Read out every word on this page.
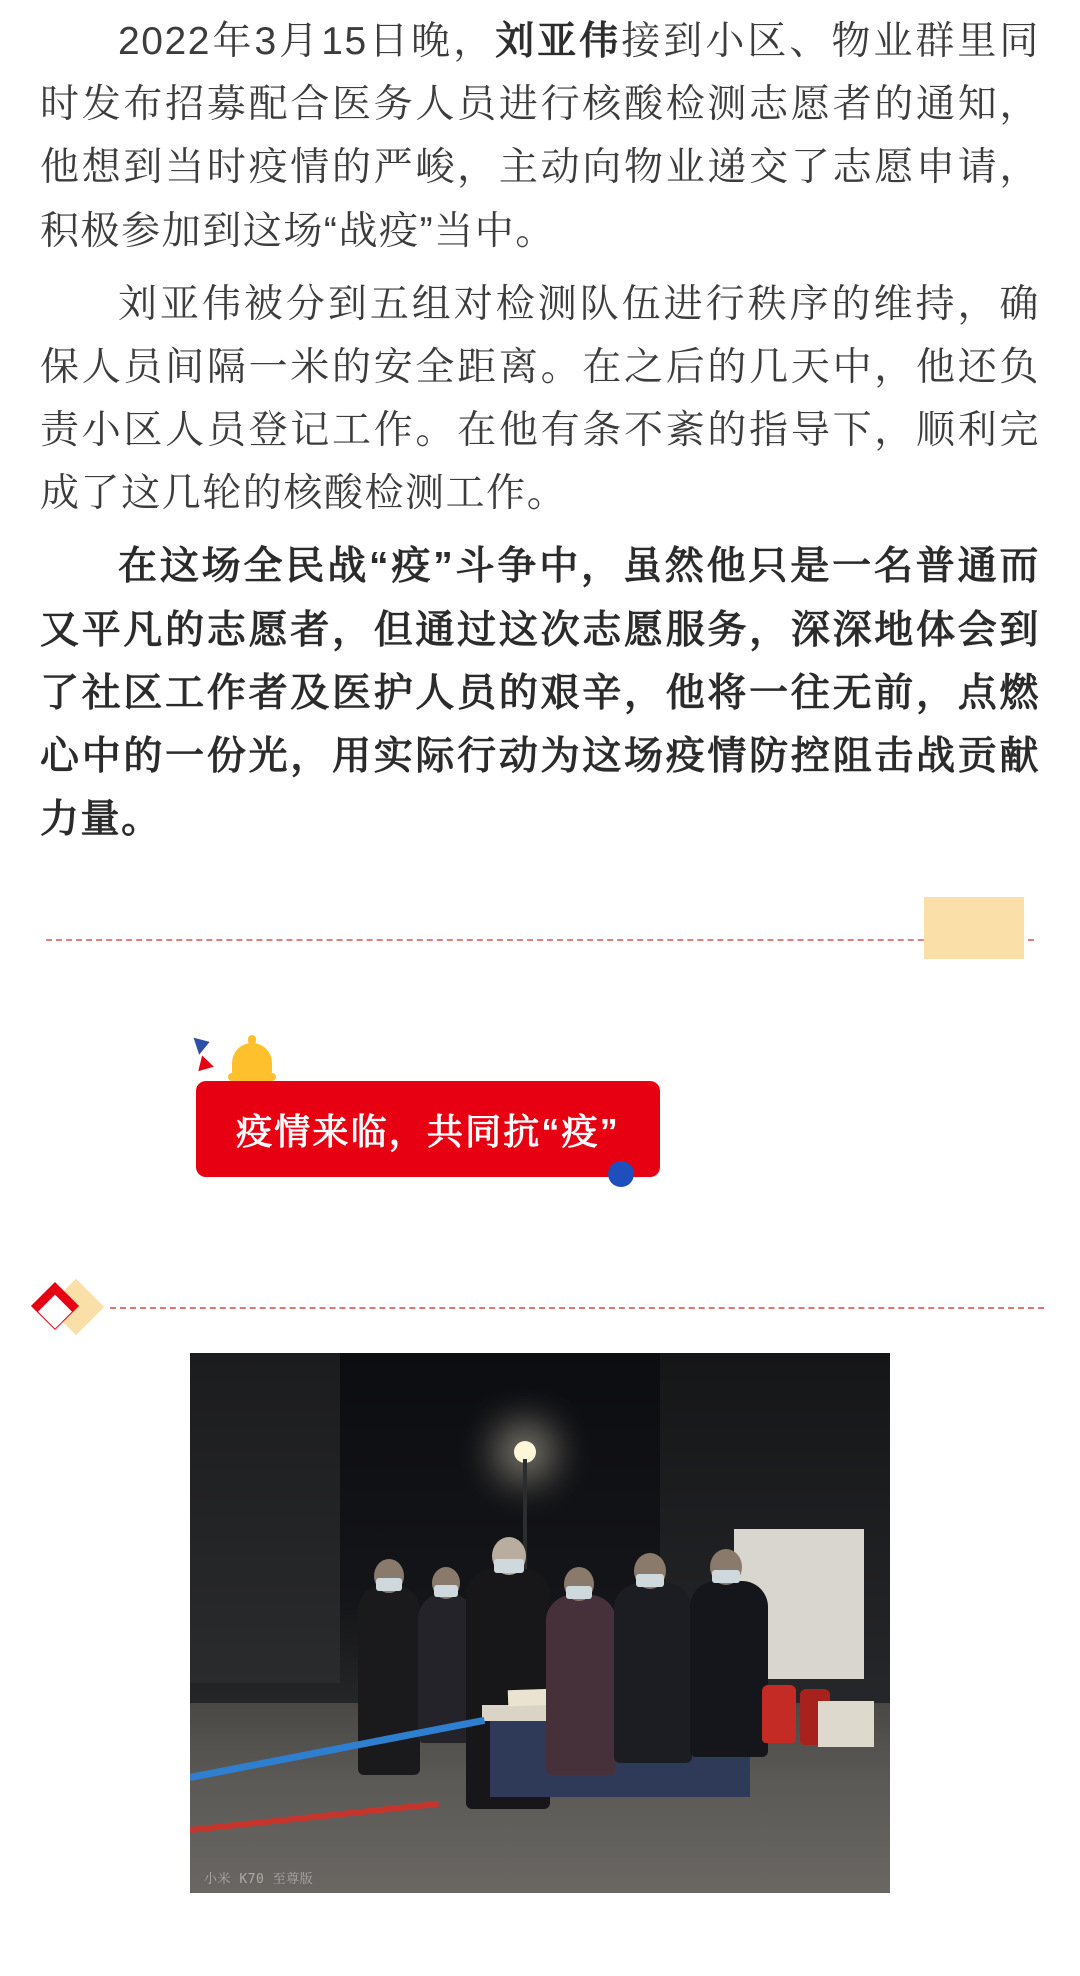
2022年3月15日晚，刘亚伟接到小区、物业群里同时发布招募配合医务人员进行核酸检测志愿者的通知，他想到当时疫情的严峻，主动向物业递交了志愿申请，积极参加到这场“战疫”当中。

刘亚伟被分到五组对检测队伍进行秩序的维持，确保人员间隔一米的安全距离。在之后的几天中，他还负责小区人员登记工作。在他有条不紊的指导下，顺利完成了这几轮的核酸检测工作。

在这场全民战“疫”斗争中，虽然他只是一名普通而又平凡的志愿者，但通过这次志愿服务，深深地体会到了社区工作者及医护人员的艰辛，他将一往无前，点燃心中的一份光，用实际行动为这场疫情防控阻击战贡献力量。

疫情来临，共同抗“疫”
小米 K70 至尊版
